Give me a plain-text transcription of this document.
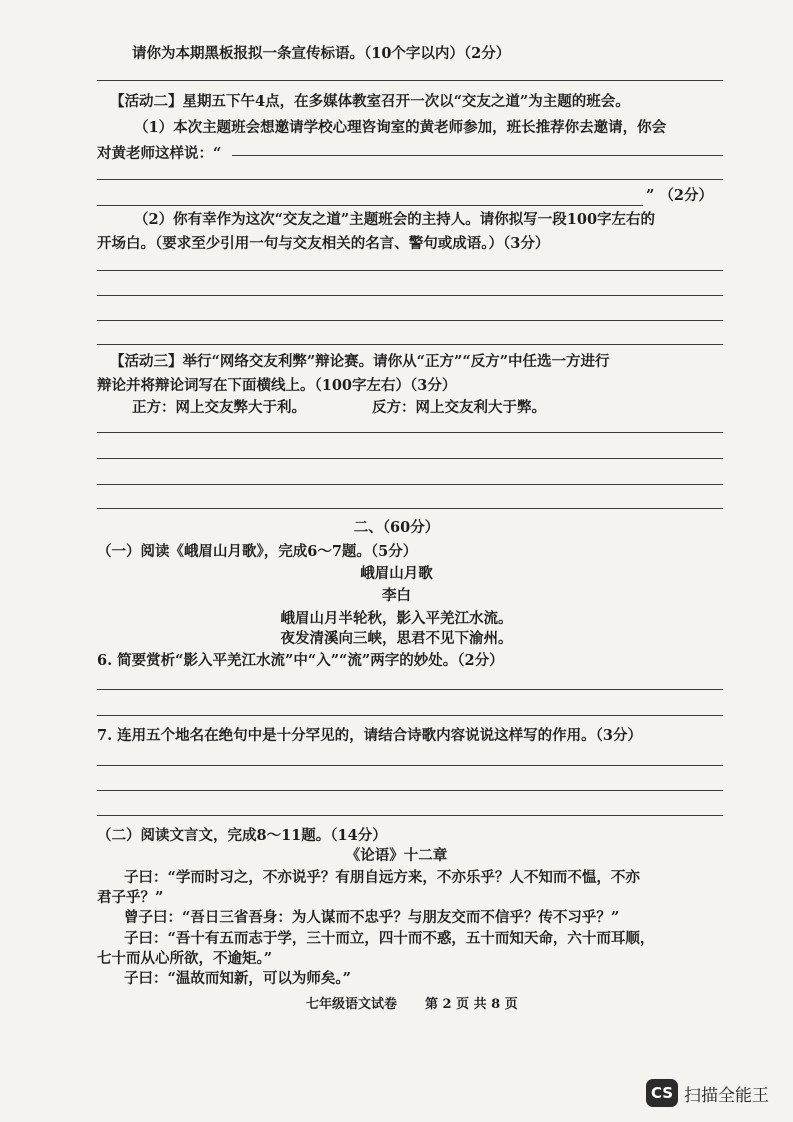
请你为本期黑板报拟一条宣传标语。（10个字以内）（2分）
【活动二】星期五下午4点，在多媒体教室召开一次以“交友之道”为主题的班会。
（1）本次主题班会想邀请学校心理咨询室的黄老师参加，班长推荐你去邀请，你会
对黄老师这样说：“
” （2分）
（2）你有幸作为这次“交友之道”主题班会的主持人。请你拟写一段100字左右的
开场白。（要求至少引用一句与交友相关的名言、警句或成语。）（3分）
【活动三】举行“网络交友利弊”辩论赛。请你从“正方”“反方”中任选一方进行
辩论并将辩论词写在下面横线上。（100字左右）（3分）
正方：网上交友弊大于利。	反方：网上交友利大于弊。
二、（60分）
（一）阅读《峨眉山月歌》，完成6～7题。（5分）
峨眉山月歌
李白
峨眉山月半轮秋，影入平羌江水流。
夜发清溪向三峡，思君不见下渝州。
6. 简要赏析“影入平羌江水流”中“入”“流”两字的妙处。（2分）
7. 连用五个地名在绝句中是十分罕见的，请结合诗歌内容说说这样写的作用。（3分）
（二）阅读文言文，完成8～11题。（14分）
《论语》十二章
子曰：“学而时习之，不亦说乎？有朋自远方来，不亦乐乎？人不知而不愠，不亦
君子乎？”
曾子曰：“吾日三省吾身：为人谋而不忠乎？与朋友交而不信乎？传不习乎？”
子曰：“吾十有五而志于学，三十而立，四十而不惑，五十而知天命，六十而耳顺，
七十而从心所欲，不逾矩。”
子曰：“温故而知新，可以为师矣。”
七年级语文试卷 第 2 页 共 8 页
CS 扫描全能王
